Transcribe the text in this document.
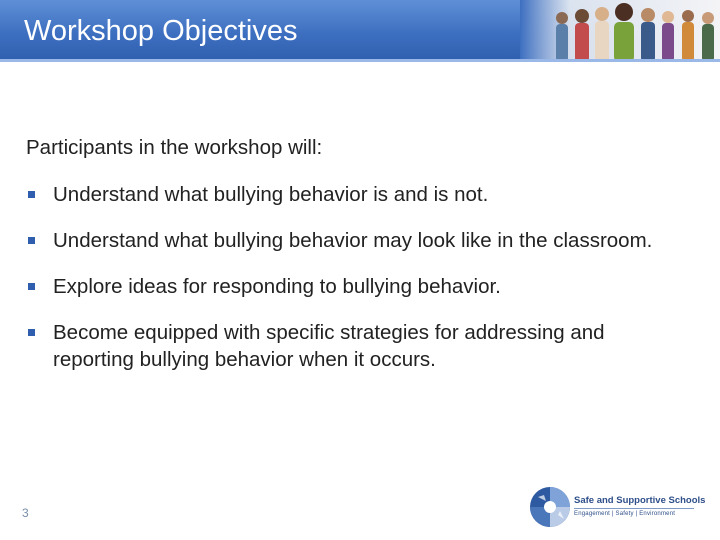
Workshop Objectives

Participants in the workshop will:

Understand what bullying behavior is and is not.
Understand what bullying behavior may look like in the classroom.
Explore ideas for responding to bullying behavior.
Become equipped with specific strategies for addressing and reporting bullying behavior when it occurs.
3
Safe and Supportive Schools
Engagement | Safety | Environment
